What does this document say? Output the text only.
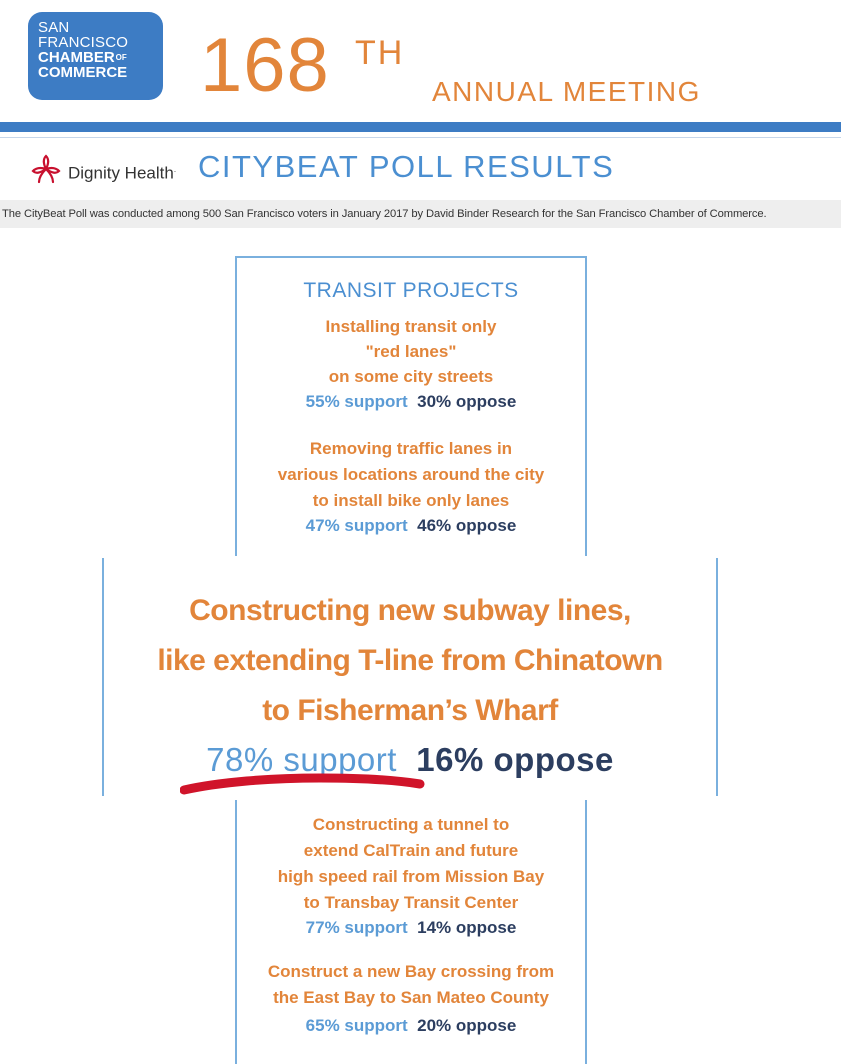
SAN
FRANCISCO
$CHAMBER^{OF}$
COMMERCE 168 TH
ANNUAL MEETING
Dignity Health. CITYBEAT POLL RESULTS
The CityBeat Poll was conducted among 500 San Francisco voters in January 2017 by David Binder Research for the San Francisco Chamber of Commerce.
TRANSIT PROJECTS
Installing transit only
"red lanes"
on some city streets
55% support 30% oppose
Removing traffic lanes in
various locations around the city
to install bike only lanes
47% support 46% oppose
Constructing new subway lines,
like extending T-line from Chinatown
to Fisherman’s Wharf
78% support 16% oppose
Constructing a tunnel to
extend CalTrain and future
high speed rail from Mission Bay
to Transbay Transit Center
77% support 14% oppose
Construct a new Bay crossing from
the East Bay to San Mateo County
65% support 20% oppose
